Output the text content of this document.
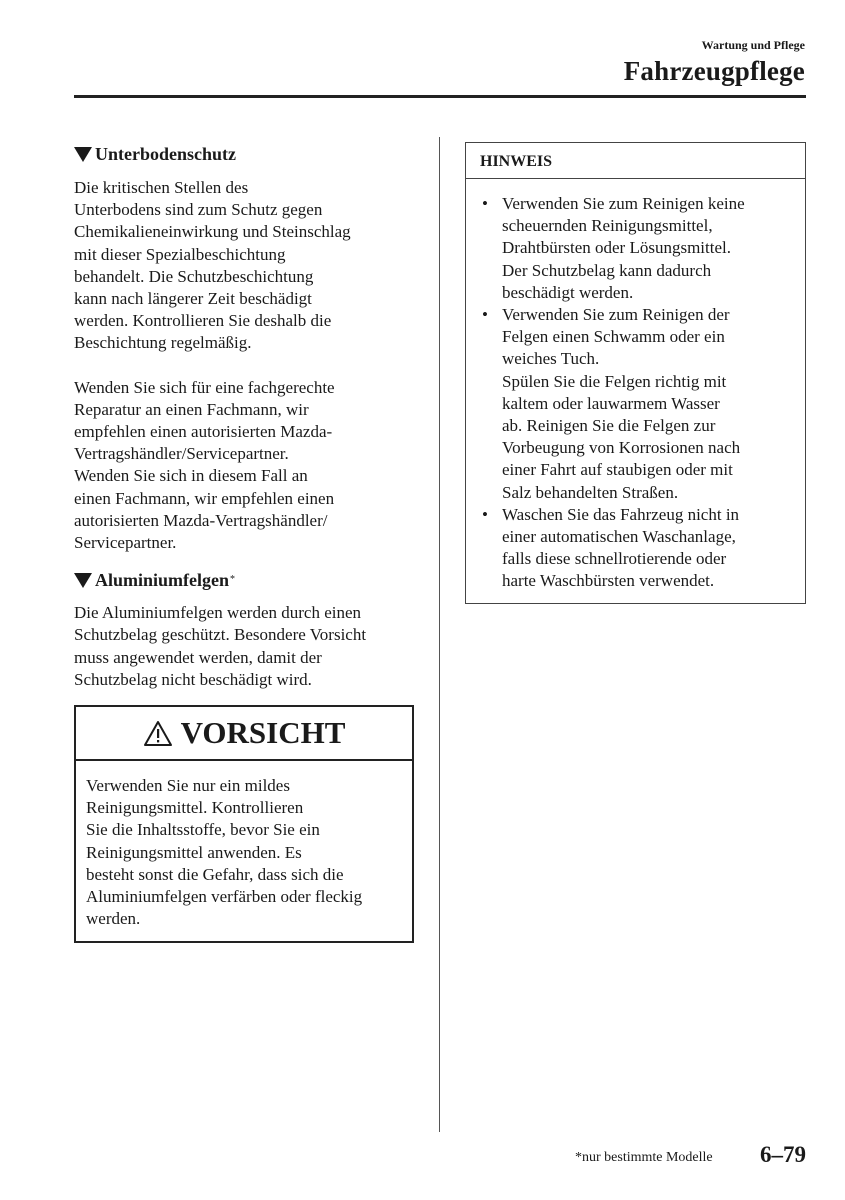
Wartung und Pflege
Fahrzeugpflege
Unterbodenschutz

Die kritischen Stellen des
Unterbodens sind zum Schutz gegen
Chemikalieneinwirkung und Steinschlag
mit dieser Spezialbeschichtung
behandelt. Die Schutzbeschichtung
kann nach längerer Zeit beschädigt
werden. Kontrollieren Sie deshalb die
Beschichtung regelmäßig.

Wenden Sie sich für eine fachgerechte
Reparatur an einen Fachmann, wir
empfehlen einen autorisierten Mazda-
Vertragshändler/Servicepartner.
Wenden Sie sich in diesem Fall an
einen Fachmann, wir empfehlen einen
autorisierten Mazda-Vertragshändler/
Servicepartner.

Aluminiumfelgen *

Die Aluminiumfelgen werden durch einen
Schutzbelag geschützt. Besondere Vorsicht
muss angewendet werden, damit der
Schutzbelag nicht beschädigt wird.

VORSICHT

Verwenden Sie nur ein mildes
Reinigungsmittel. Kontrollieren
Sie die Inhaltsstoffe, bevor Sie ein
Reinigungsmittel anwenden. Es
besteht sonst die Gefahr, dass sich die
Aluminiumfelgen verfärben oder fleckig
werden.

HINWEIS
• Verwenden Sie zum Reinigen keine
scheuernden Reinigungsmittel,
Drahtbürsten oder Lösungsmittel.
Der Schutzbelag kann dadurch
beschädigt werden.

• Verwenden Sie zum Reinigen der
Felgen einen Schwamm oder ein
weiches Tuch.
Spülen Sie die Felgen richtig mit
kaltem oder lauwarmem Wasser
ab. Reinigen Sie die Felgen zur
Vorbeugung von Korrosionen nach
einer Fahrt auf staubigen oder mit
Salz behandelten Straßen.

• Waschen Sie das Fahrzeug nicht in
einer automatischen Waschanlage,
falls diese schnellrotierende oder
harte Waschbürsten verwendet.

*nur bestimmte Modelle 6–79
